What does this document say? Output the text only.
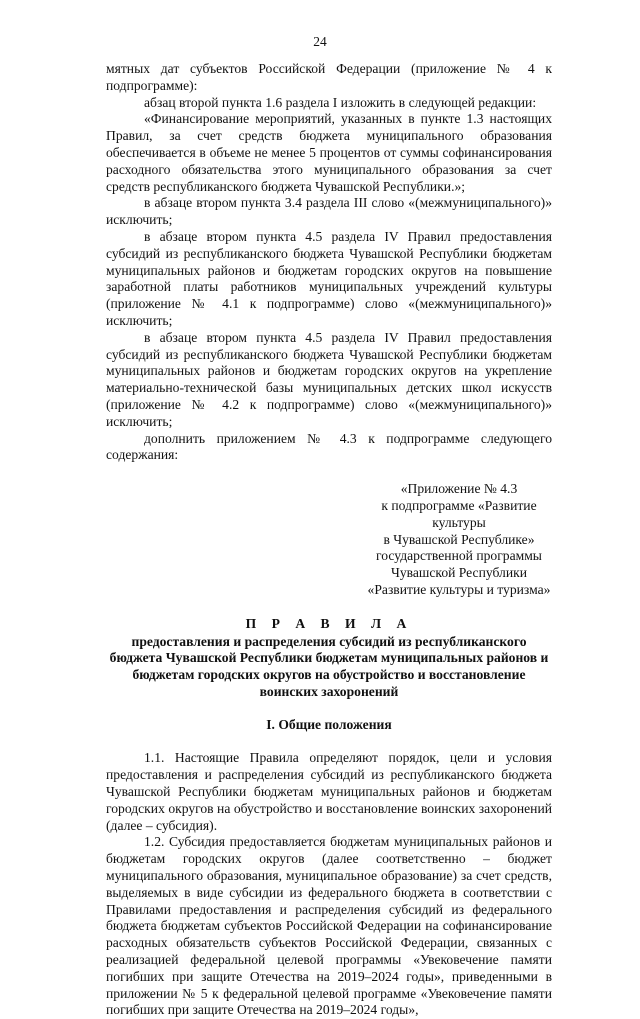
24

мятных дат субъектов Российской Федерации (приложение № 4 к подпрограмме):

абзац второй пункта 1.6 раздела I изложить в следующей редакции:

«Финансирование мероприятий, указанных в пункте 1.3 настоящих Правил, за счет средств бюджета муниципального образования обеспечивается в объеме не менее 5 процентов от суммы софинансирования расходного обязательства этого муниципального образования за счет средств республиканского бюджета Чувашской Республики.»;

в абзаце втором пункта 3.4 раздела III слово «(межмуниципального)» исключить;

в абзаце втором пункта 4.5 раздела IV Правил предоставления субсидий из республиканского бюджета Чувашской Республики бюджетам муниципальных районов и бюджетам городских округов на повышение заработной платы работников муниципальных учреждений культуры (приложение № 4.1 к подпрограмме) слово «(межмуниципального)» исключить;

в абзаце втором пункта 4.5 раздела IV Правил предоставления субсидий из республиканского бюджета Чувашской Республики бюджетам муниципальных районов и бюджетам городских округов на укрепление материально-технической базы муниципальных детских школ искусств (приложение № 4.2 к подпрограмме) слово «(межмуниципального)» исключить;

дополнить приложением № 4.3 к подпрограмме следующего содержания:

«Приложение № 4.3
к подпрограмме «Развитие культуры
в Чувашской Республике»
государственной программы
Чувашской Республики
«Развитие культуры и туризма»
П Р А В И Л А
предоставления и распределения субсидий из республиканского бюджета Чувашской Республики бюджетам муниципальных районов и бюджетам городских округов на обустройство и восстановление воинских захоронений
I. Общие положения

1.1. Настоящие Правила определяют порядок, цели и условия предоставления и распределения субсидий из республиканского бюджета Чувашской Республики бюджетам муниципальных районов и бюджетам городских округов на обустройство и восстановление воинских захоронений (далее – субсидия).

1.2. Субсидия предоставляется бюджетам муниципальных районов и бюджетам городских округов (далее соответственно – бюджет муниципального образования, муниципальное образование) за счет средств, выделяемых в виде субсидии из федерального бюджета в соответствии с Правилами предоставления и распределения субсидий из федерального бюджета бюджетам субъектов Российской Федерации на софинансирование расходных обязательств субъектов Российской Федерации, связанных с реализацией федеральной целевой программы «Увековечение памяти погибших при защите Отечества на 2019–2024 годы», приведенными в приложении № 5 к федеральной целевой программе «Увековечение памяти погибших при защите Отечества на 2019–2024 годы»,
